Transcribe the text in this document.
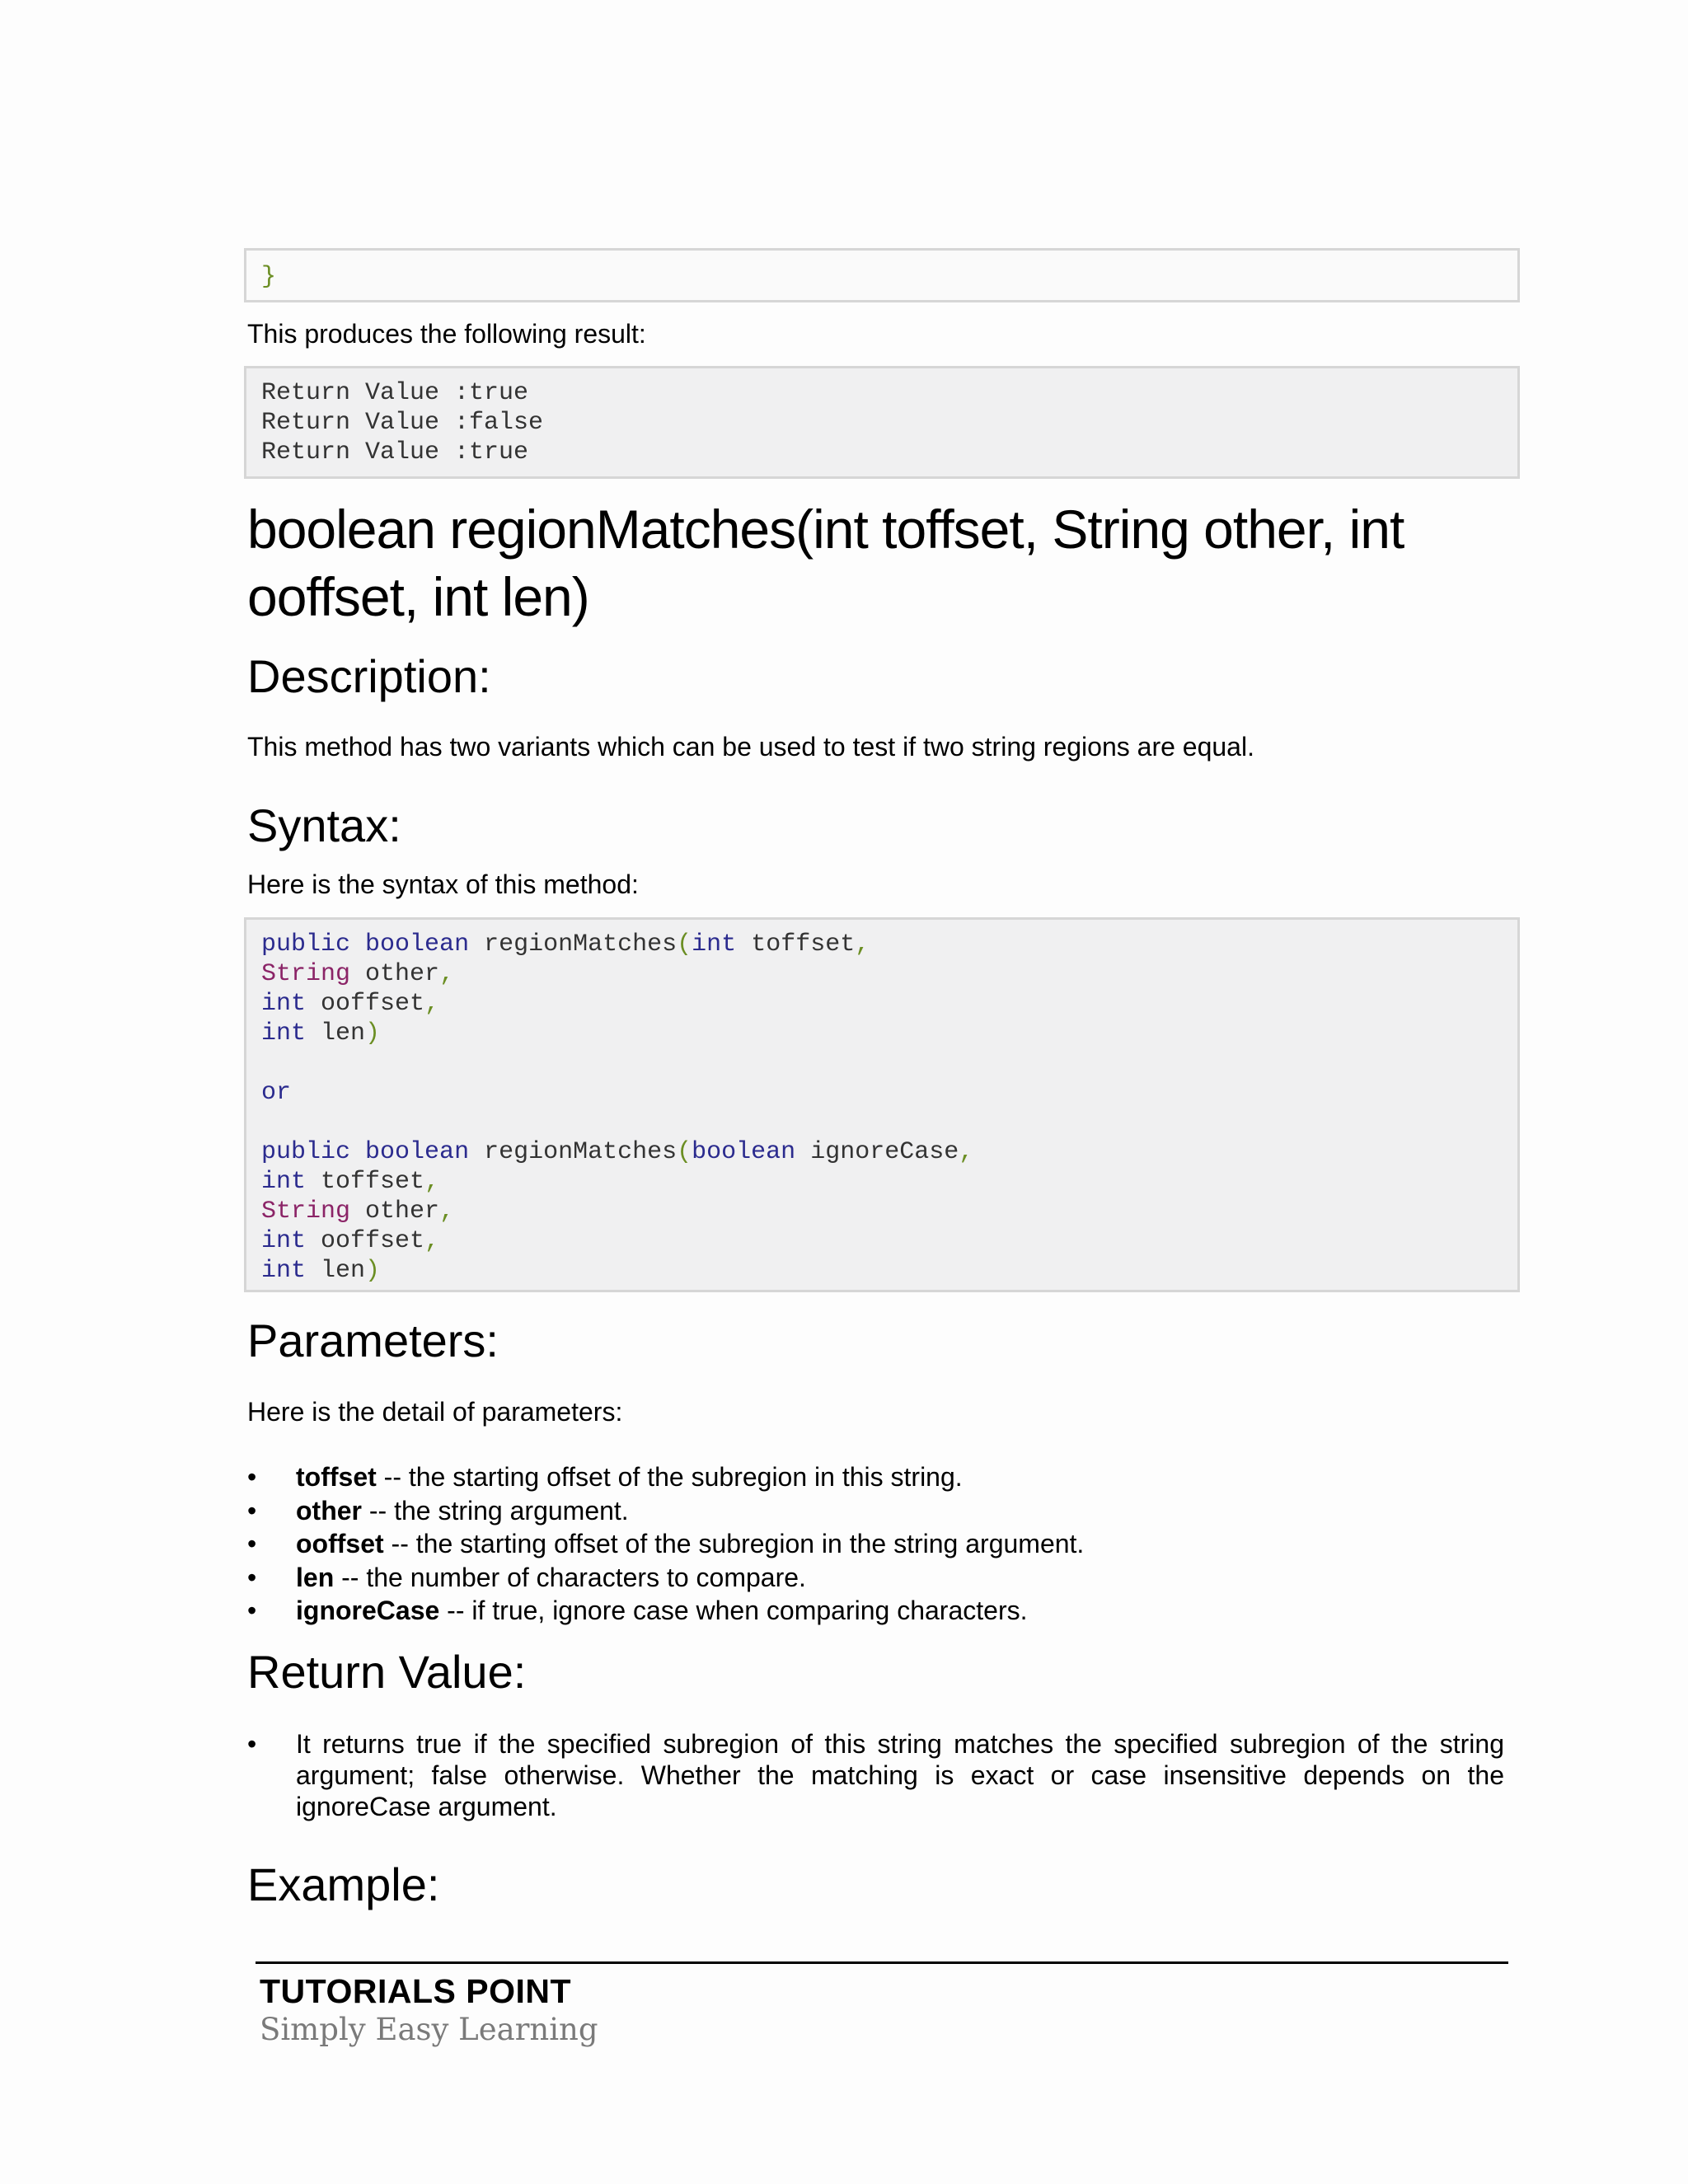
}

This produces the following result:

Return Value :true
Return Value :false
Return Value :true
boolean regionMatches(int toffset, String other, int ooffset, int len)
Description:

This method has two variants which can be used to test if two string regions are equal.

Syntax:

Here is the syntax of this method:

public boolean regionMatches(int toffset,
String other,
int ooffset,
int len)

or

public boolean regionMatches(boolean ignoreCase,
int toffset,
String other,
int ooffset,
int len)
Parameters:

Here is the detail of parameters:

• toffset -- the starting offset of the subregion in this string.
• other -- the string argument.
• ooffset -- the starting offset of the subregion in the string argument.
• len -- the number of characters to compare.
• ignoreCase -- if true, ignore case when comparing characters.
Return Value:
• It returns true if the specified subregion of this string matches the specified subregion of the string argument; false otherwise. Whether the matching is exact or case insensitive depends on the ignoreCase argument.
Example:
TUTORIALS POINT
Simply Easy Learning
